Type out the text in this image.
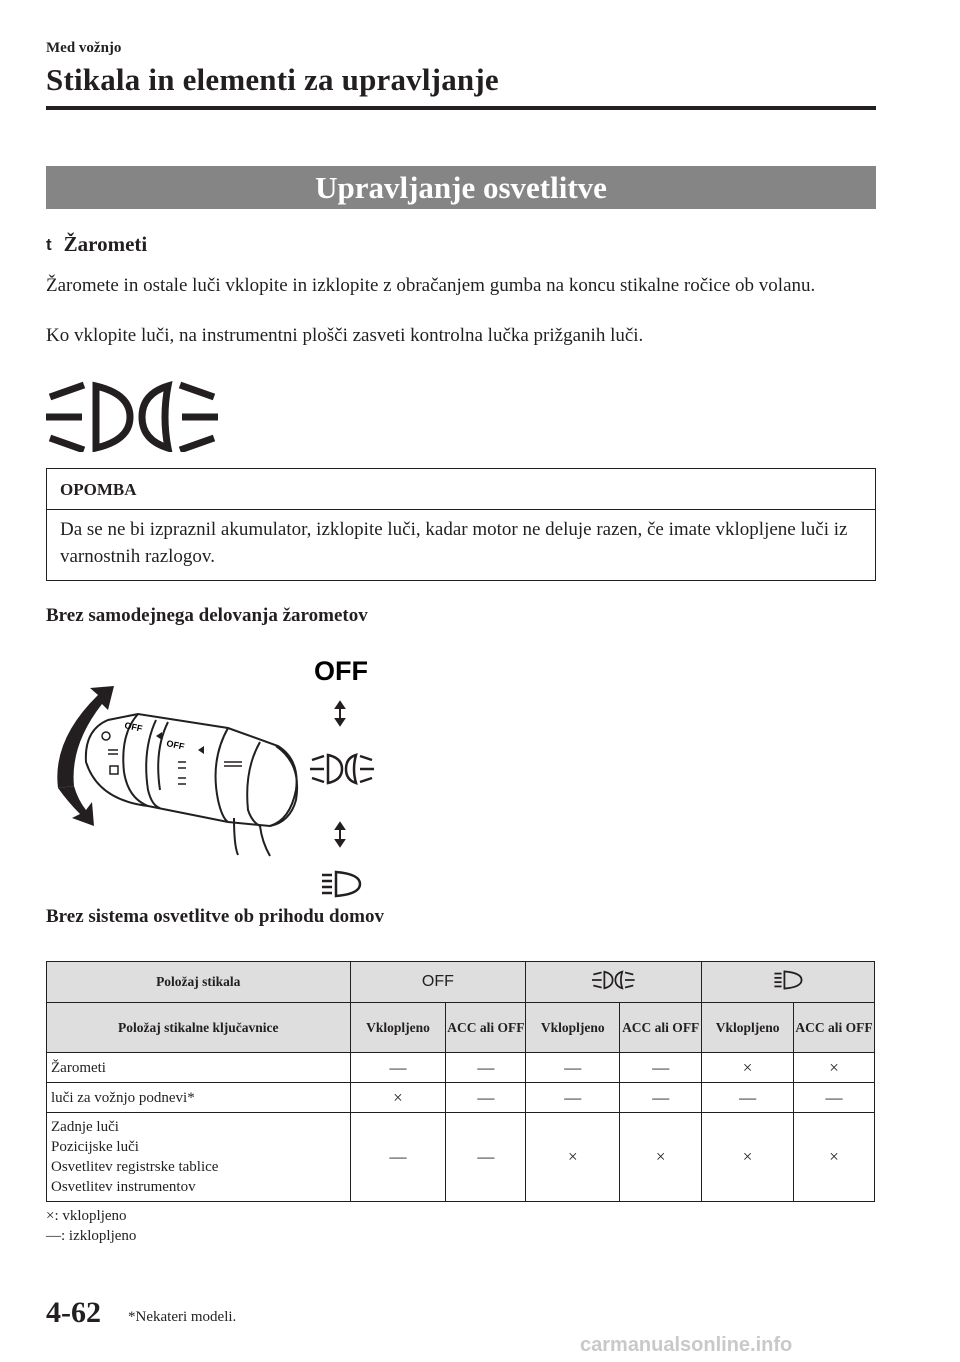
Med vožnjo
Stikala in elementi za upravljanje
Upravljanje osvetlitve
t Žarometi
Žaromete in ostale luči vklopite in izklopite z obračanjem gumba na koncu stikalne ročice ob volanu.
Ko vklopite luči, na instrumentni plošči zasveti kontrolna lučka prižganih luči.
OPOMBA
Da se ne bi izpraznil akumulator, izklopite luči, kadar motor ne deluje razen, če imate vklopljene luči iz varnostnih razlogov.
Brez samodejnega delovanja žarometov
OFF
OFF
OFF
Brez sistema osvetlitve ob prihodu domov
Položaj stikala	OFF		
Položaj stikalne ključavnice	Vklopljeno	ACC ali OFF	Vklopljeno	ACC ali OFF	Vklopljeno	ACC ali OFF
Žarometi	—	—	—	—	×	×
luči za vožnjo podnevi*	×	—	—	—	—	—

Zadnje luči
Pozicijske luči
Osvetlitev registrske tablice
Osvetlitev instrumentov	—	—	×	×	×	×
×: vklopljeno
—: izklopljeno
4-62 *Nekateri modeli.
carmanualsonline.info
